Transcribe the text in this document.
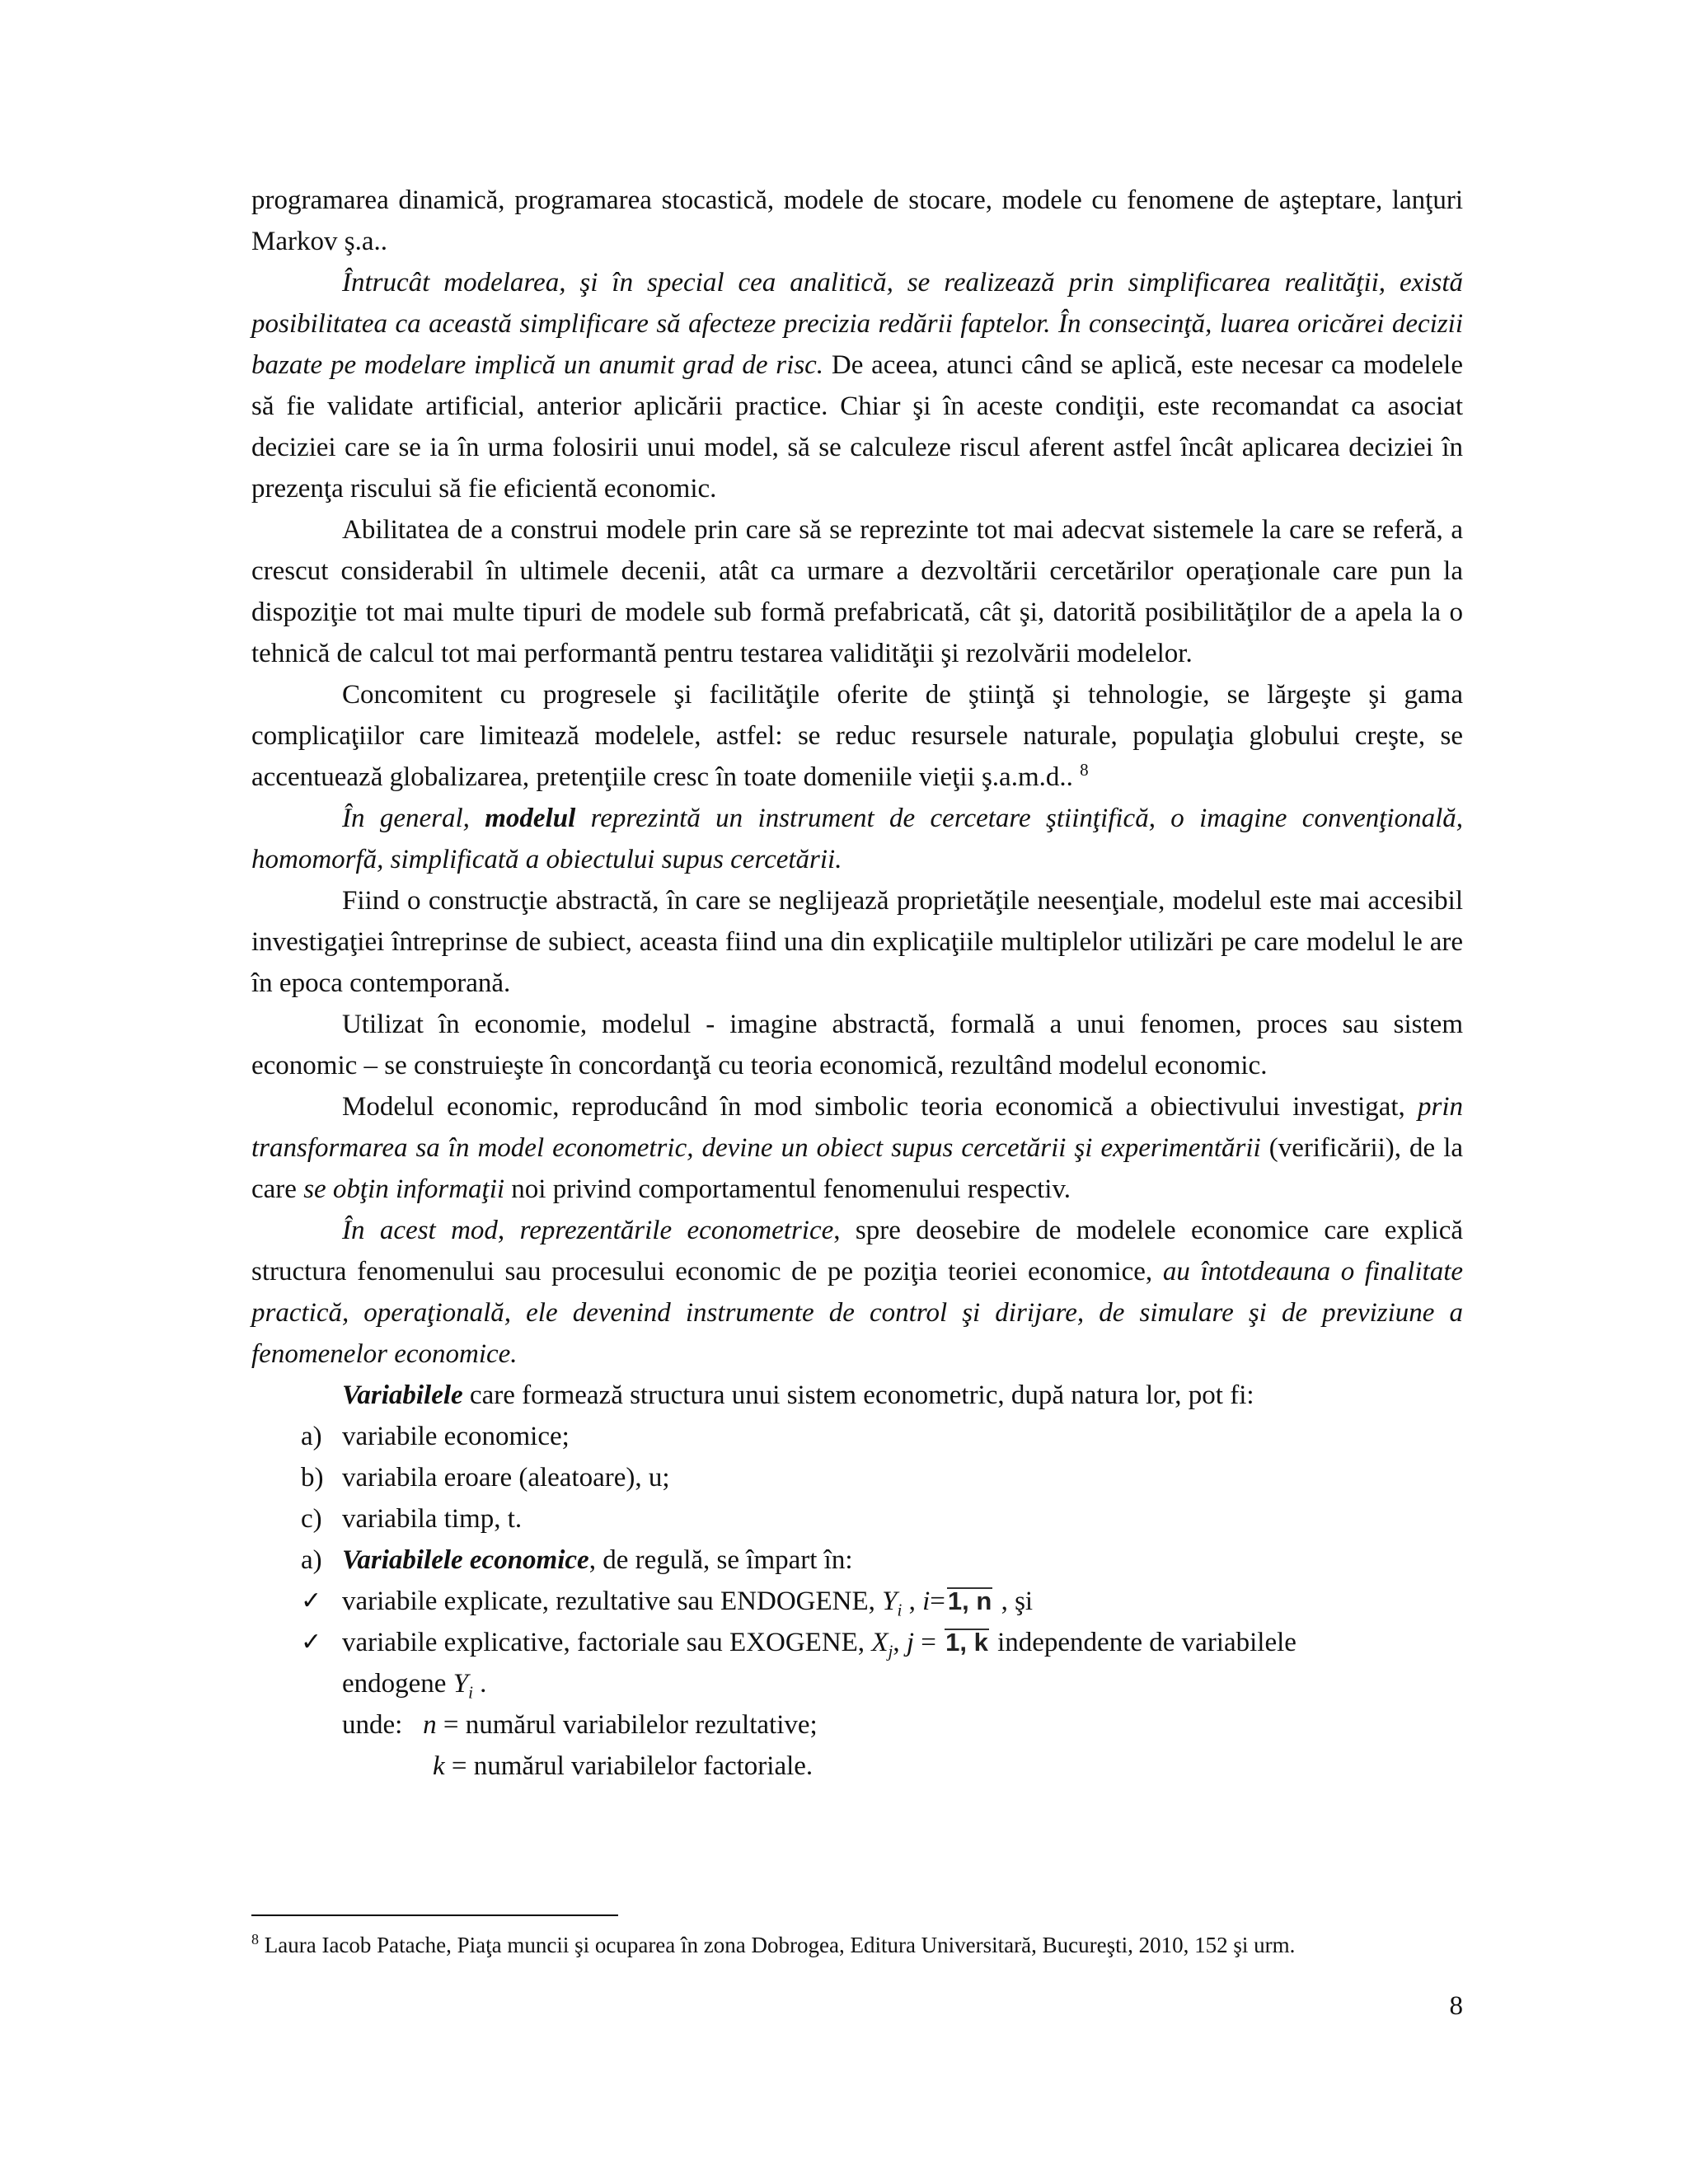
programarea dinamică, programarea stocastică, modele de stocare, modele cu fenomene de aşteptare, lanţuri Markov ş.a..

Întrucât modelarea, şi în special cea analitică, se realizează prin simplificarea realităţii, există posibilitatea ca această simplificare să afecteze precizia redării faptelor. În consecinţă, luarea oricărei decizii bazate pe modelare implică un anumit grad de risc. De aceea, atunci când se aplică, este necesar ca modelele să fie validate artificial, anterior aplicării practice. Chiar şi în aceste condiţii, este recomandat ca asociat deciziei care se ia în urma folosirii unui model, să se calculeze riscul aferent astfel încât aplicarea deciziei în prezenţa riscului să fie eficientă economic.

Abilitatea de a construi modele prin care să se reprezinte tot mai adecvat sistemele la care se referă, a crescut considerabil în ultimele decenii, atât ca urmare a dezvoltării cercetărilor operaţionale care pun la dispoziţie tot mai multe tipuri de modele sub formă prefabricată, cât şi, datorită posibilităţilor de a apela la o tehnică de calcul tot mai performantă pentru testarea validităţii şi rezolvării modelelor.

Concomitent cu progresele şi facilităţile oferite de ştiinţă şi tehnologie, se lărgeşte şi gama complicaţiilor care limitează modelele, astfel: se reduc resursele naturale, populaţia globului creşte, se accentuează globalizarea, pretenţiile cresc în toate domeniile vieţii ş.a.m.d.. $^8$

În general, modelul reprezintă un instrument de cercetare ştiinţifică, o imagine convenţională, homomorfă, simplificată a obiectului supus cercetării.

Fiind o construcţie abstractă, în care se neglijează proprietăţile neesenţiale, modelul este mai accesibil investigaţiei întreprinse de subiect, aceasta fiind una din explicaţiile multiplelor utilizări pe care modelul le are în epoca contemporană.

Utilizat în economie, modelul - imagine abstractă, formală a unui fenomen, proces sau sistem economic – se construieşte în concordanţă cu teoria economică, rezultând modelul economic.

Modelul economic, reproducând în mod simbolic teoria economică a obiectivului investigat, prin transformarea sa în model econometric, devine un obiect supus cercetării şi experimentării (verificării), de la care se obţin informaţii noi privind comportamentul fenomenului respectiv.

În acest mod, reprezentările econometrice, spre deosebire de modelele economice care explică structura fenomenului sau procesului economic de pe poziţia teoriei economice, au întotdeauna o finalitate practică, operaţională, ele devenind instrumente de control şi dirijare, de simulare şi de previziune a fenomenelor economice.

Variabilele care formează structura unui sistem econometric, după natura lor, pot fi:

a) variabile economice;
b) variabila eroare (aleatoare), u;
c) variabila timp, t.
a) Variabilele economice, de regulă, se împart în:
✓ variabile explicate, rezultative sau ENDOGENE, $Y_i$ , i=1, n , şi
✓ variabile explicative, factoriale sau EXOGENE, $X_j$, j = 1, k independente de variabilele
endogene $Y_i$ .
unde: n = numărul variabilelor rezultative;
k = numărul variabilelor factoriale.
$^8$ Laura Iacob Patache, Piaţa muncii şi ocuparea în zona Dobrogea, Editura Universitară, Bucureşti, 2010, 152 şi urm.
8
